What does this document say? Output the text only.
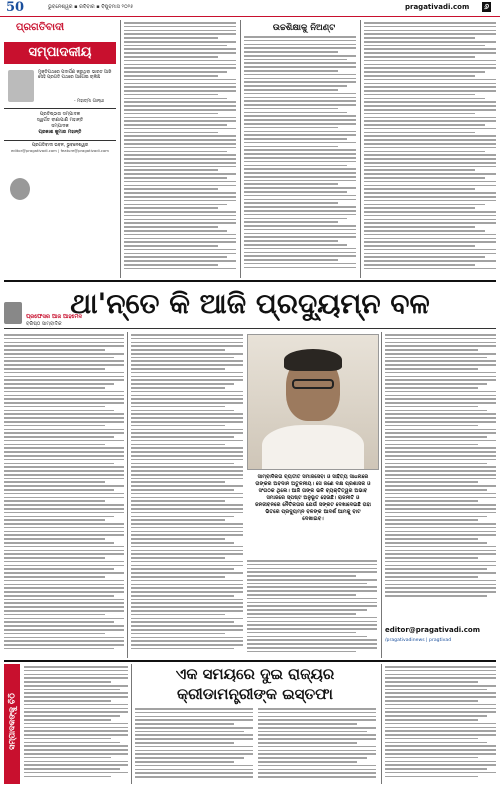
50	ଭୁବନେଶ୍ୱର ▪ ରବିବାର ▪ ବିଷୁବମାସ ୨୦୨୫	pragativadi.com ୬
ପ୍ରଗତିବାଦୀ
ସମ୍ପାଦକୀୟ
ମୁକ୍ତିପଥରେ ପଦାର୍ପଣ କରୁଥିବା ଭାରତ ଆଜି ସେହି ପ୍ରଗତି ପଥରେ ଆଗେଇ ଚାଲିଛି
- ମହାତ୍ମା ଗାନ୍ଧୀ
ପ୍ରତିଷ୍ଠାତା ସମ୍ପାଦକ
ସ୍ୱର୍ଗତ ବୀଣାପାଣି ମହାନ୍ତି
ସମ୍ପାଦକ
ପ୍ରକାଶ କୁମାର ମହାନ୍ତି
ପ୍ରଗତିବାଦୀ ଭବନ, ଭୁବନେଶ୍ୱର
editor@pragativadi.com | feature@pragativadi.com
ଉଚ୍ଚଶିକ୍ଷାକୁ ନିଅଣ୍ଟ
ଥା'ନ୍ତେ କି ଆଜି ପ୍ରଦ୍ୟୁମ୍ନ ବଳ
ପ୍ରଫେସର ଆଜ ଆହମେଦ
ବରିଷ୍ଠ ସାମ୍ବାଦିକ
ସାମ୍ବାଦିକତା ବ୍ୟତୀତ ସମାଜସେବା ଓ ସାହିତ୍ୟ ସାଧନାରେ ତାଙ୍କର ଅବଦାନ ଅତୁଳନୀୟ। ସେ ଜଣେ ଦକ୍ଷ ପ୍ରଶାସକ ଓ ସଂଗଠକ ଥିଲେ। ଆଜି ତାଙ୍କ ଭଳି ବ୍ୟକ୍ତିତ୍ୱର ଅଭାବ ସମାଜରେ ସ୍ପଷ୍ଟ ଅନୁଭୂତ ହେଉଛି। ରାଜନୀତି ଓ ଜନଜୀବନରେ ନୈତିକତାର ଯେଉଁ ସଙ୍କଟ ଦେଖାଦେଇଛି ତାହା ଭିତରେ ପ୍ରଦ୍ୟୁମ୍ନ ବଳଙ୍କ ଆଦର୍ଶ ଆମକୁ ବାଟ ଦେଖାଇବ।
editor@pragativadi.com
/pragativadinews | pragtivad
ସମ୍ପାଦକଙ୍କୁ ଚିଠି
ଏକ ସମୟରେ ଦୁଇ ରାଜ୍ୟର
କ୍ରୀଡାମନ୍ତ୍ରୀଙ୍କ ଇସ୍ତଫା
